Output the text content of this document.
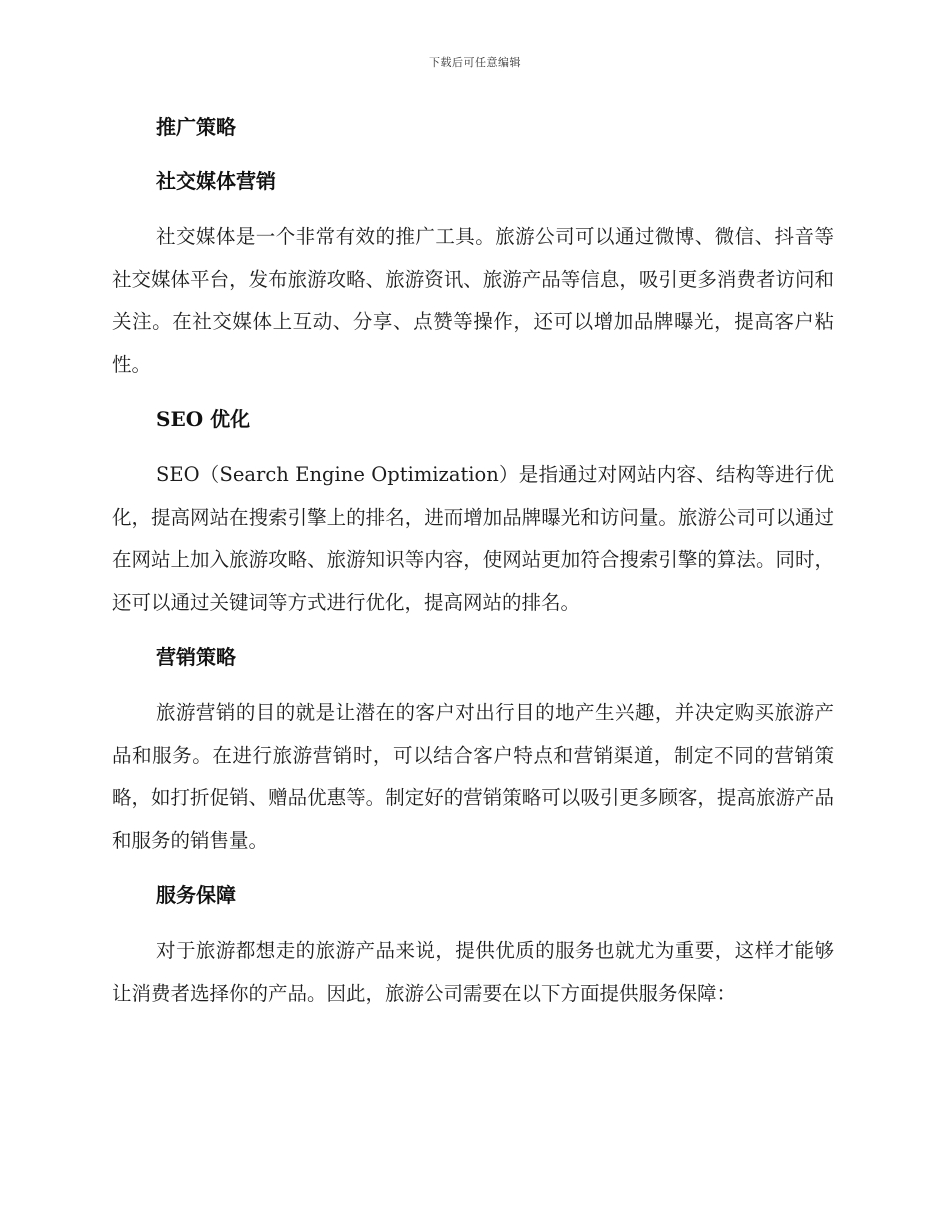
下载后可任意编辑
推广策略
社交媒体营销

社交媒体是一个非常有效的推广工具。旅游公司可以通过微博、微信、抖音等社交媒体平台，发布旅游攻略、旅游资讯、旅游产品等信息，吸引更多消费者访问和关注。在社交媒体上互动、分享、点赞等操作，还可以增加品牌曝光，提高客户粘性。

SEO 优化

SEO（Search Engine Optimization）是指通过对网站内容、结构等进行优化，提高网站在搜索引擎上的排名，进而增加品牌曝光和访问量。旅游公司可以通过在网站上加入旅游攻略、旅游知识等内容，使网站更加符合搜索引擎的算法。同时，还可以通过关键词等方式进行优化，提高网站的排名。

营销策略

旅游营销的目的就是让潜在的客户对出行目的地产生兴趣，并决定购买旅游产品和服务。在进行旅游营销时，可以结合客户特点和营销渠道，制定不同的营销策略，如打折促销、赠品优惠等。制定好的营销策略可以吸引更多顾客，提高旅游产品和服务的销售量。

服务保障

对于旅游都想走的旅游产品来说，提供优质的服务也就尤为重要，这样才能够让消费者选择你的产品。因此，旅游公司需要在以下方面提供服务保障：
